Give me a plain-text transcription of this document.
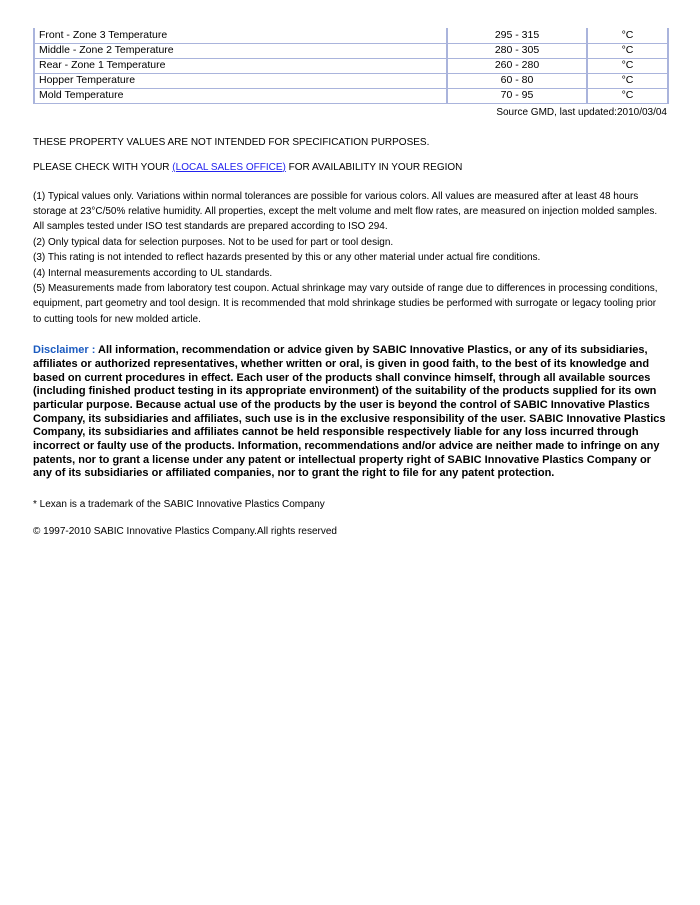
Front - Zone 3 Temperature	295 - 315	°C
Middle - Zone 2 Temperature	280 - 305	°C
Rear - Zone 1 Temperature	260 - 280	°C
Hopper Temperature	60 - 80	°C
Mold Temperature	70 - 95	°C
Source GMD, last updated:2010/03/04

THESE PROPERTY VALUES ARE NOT INTENDED FOR SPECIFICATION PURPOSES.

PLEASE CHECK WITH YOUR (LOCAL SALES OFFICE) FOR AVAILABILITY IN YOUR REGION

(1) Typical values only. Variations within normal tolerances are possible for various colors. All values are measured after at least 48 hours storage at 23°C/50% relative humidity. All properties, except the melt volume and melt flow rates, are measured on injection molded samples. All samples tested under ISO test standards are prepared according to ISO 294.

(2) Only typical data for selection purposes. Not to be used for part or tool design.

(3) This rating is not intended to reflect hazards presented by this or any other material under actual fire conditions.

(4) Internal measurements according to UL standards.

(5) Measurements made from laboratory test coupon. Actual shrinkage may vary outside of range due to differences in processing conditions, equipment, part geometry and tool design. It is recommended that mold shrinkage studies be performed with surrogate or legacy tooling prior to cutting tools for new molded article.

Disclaimer : All information, recommendation or advice given by SABIC Innovative Plastics, or any of its subsidiaries, affiliates or authorized representatives, whether written or oral, is given in good faith, to the best of its knowledge and based on current procedures in effect. Each user of the products shall convince himself, through all available sources (including finished product testing in its appropriate environment) of the suitability of the products supplied for its own particular purpose. Because actual use of the products by the user is beyond the control of SABIC Innovative Plastics Company, its subsidiaries and affiliates, such use is in the exclusive responsibility of the user. SABIC Innovative Plastics Company, its subsidiaries and affiliates cannot be held responsible respectively liable for any loss incurred through incorrect or faulty use of the products. Information, recommendations and/or advice are neither made to infringe on any patents, nor to grant a license under any patent or intellectual property right of SABIC Innovative Plastics Company or any of its subsidiaries or affiliated companies, nor to grant the right to file for any patent protection.

* Lexan is a trademark of the SABIC Innovative Plastics Company

© 1997-2010 SABIC Innovative Plastics Company.All rights reserved
